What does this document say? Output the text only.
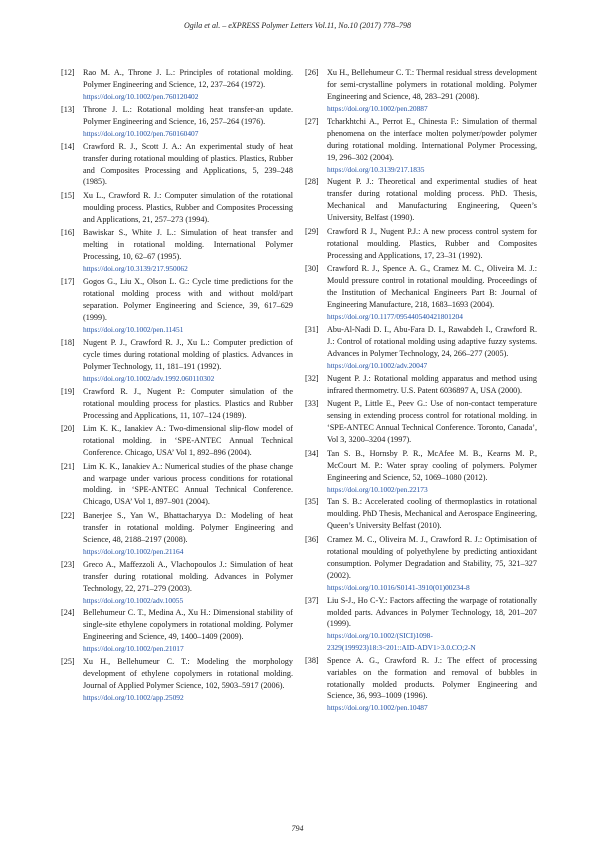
Ogila et al. – eXPRESS Polymer Letters Vol.11, No.10 (2017) 778–798
[12] Rao M. A., Throne J. L.: Principles of rotational molding. Polymer Engineering and Science, 12, 237–264 (1972).
https://doi.org/10.1002/pen.760120402
[13] Throne J. L.: Rotational molding heat transfer-an update. Polymer Engineering and Science, 16, 257–264 (1976).
https://doi.org/10.1002/pen.760160407
[14] Crawford R. J., Scott J. A.: An experimental study of heat transfer during rotational moulding of plastics. Plastics, Rubber and Composites Processing and Applications, 5, 239–248 (1985).
[15] Xu L., Crawford R. J.: Computer simulation of the rotational moulding process. Plastics, Rubber and Composites Processing and Applications, 21, 257–273 (1994).
[16] Bawiskar S., White J. L.: Simulation of heat transfer and melting in rotational molding. International Polymer Processing, 10, 62–67 (1995).
https://doi.org/10.3139/217.950062
[17] Gogos G., Liu X., Olson L. G.: Cycle time predictions for the rotational molding process with and without mold/part separation. Polymer Engineering and Science, 39, 617–629 (1999).
https://doi.org/10.1002/pen.11451
[18] Nugent P. J., Crawford R. J., Xu L.: Computer prediction of cycle times during rotational molding of plastics. Advances in Polymer Technology, 11, 181–191 (1992).
https://doi.org/10.1002/adv.1992.060110302
[19] Crawford R. J., Nugent P.: Computer simulation of the rotational moulding process for plastics. Plastics and Rubber Processing and Applications, 11, 107–124 (1989).
[20] Lim K. K., Ianakiev A.: Two-dimensional slip-flow model of rotational molding. in ‘SPE-ANTEC Annual Technical Conference. Chicago, USA’ Vol 1, 892–896 (2004).
[21] Lim K. K., Ianakiev A.: Numerical studies of the phase change and warpage under various process conditions for rotational molding. in ‘SPE-ANTEC Annual Technical Conference. Chicago, USA’ Vol 1, 897–901 (2004).
[22] Banerjee S., Yan W., Bhattacharyya D.: Modeling of heat transfer in rotational molding. Polymer Engineering and Science, 48, 2188–2197 (2008).
https://doi.org/10.1002/pen.21164
[23] Greco A., Maffezzoli A., Vlachopoulos J.: Simulation of heat transfer during rotational molding. Advances in Polymer Technology, 22, 271–279 (2003).
https://doi.org/10.1002/adv.10055
[24] Bellehumeur C. T., Medina A., Xu H.: Dimensional stability of single-site ethylene copolymers in rotational molding. Polymer Engineering and Science, 49, 1400–1409 (2009).
https://doi.org/10.1002/pen.21017
[25] Xu H., Bellehumeur C. T.: Modeling the morphology development of ethylene copolymers in rotational molding. Journal of Applied Polymer Science, 102, 5903–5917 (2006).
https://doi.org/10.1002/app.25092
[26] Xu H., Bellehumeur C. T.: Thermal residual stress development for semi-crystalline polymers in rotational molding. Polymer Engineering and Science, 48, 283–291 (2008).
https://doi.org/10.1002/pen.20887
[27] Tcharkhtchi A., Perrot E., Chinesta F.: Simulation of thermal phenomena on the interface molten polymer/powder polymer during rotational molding. International Polymer Processing, 19, 296–302 (2004).
https://doi.org/10.3139/217.1835
[28] Nugent P. J.: Theoretical and experimental studies of heat transfer during rotational molding process. PhD. Thesis, Mechanical and Manufacturing Engineering, Queen’s University, Belfast (1990).
[29] Crawford R J., Nugent P.J.: A new process control system for rotational moulding. Plastics, Rubber and Composites Processing and Applications, 17, 23–31 (1992).
[30] Crawford R. J., Spence A. G., Cramez M. C., Oliveira M. J.: Mould pressure control in rotational moulding. Proceedings of the Institution of Mechanical Engineers Part B: Journal of Engineering Manufacture, 218, 1683–1693 (2004).
https://doi.org/10.1177/095440540421801204
[31] Abu-Al-Nadi D. I., Abu-Fara D. I., Rawabdeh I., Crawford R. J.: Control of rotational molding using adaptive fuzzy systems. Advances in Polymer Technology, 24, 266–277 (2005).
https://doi.org/10.1002/adv.20047
[32] Nugent P. J.: Rotational molding apparatus and method using infrared thermometry. U.S. Patent 6036897 A, USA (2000).
[33] Nugent P., Little E., Peev G.: Use of non-contact temperature sensing in extending process control for rotational molding. in ‘SPE-ANTEC Annual Technical Conference. Toronto, Canada’, Vol 3, 3200–3204 (1997).
[34] Tan S. B., Hornsby P. R., McAfee M. B., Kearns M. P., McCourt M. P.: Water spray cooling of polymers. Polymer Engineering and Science, 52, 1069–1080 (2012).
https://doi.org/10.1002/pen.22173
[35] Tan S. B.: Accelerated cooling of thermoplastics in rotational moulding. PhD Thesis, Mechanical and Aerospace Engineering, Queen’s University Belfast (2010).
[36] Cramez M. C., Oliveira M. J., Crawford R. J.: Optimisation of rotational moulding of polyethylene by predicting antioxidant consumption. Polymer Degradation and Stability, 75, 321–327 (2002).
https://doi.org/10.1016/S0141-3910(01)00234-8
[37] Liu S-J., Ho C-Y.: Factors affecting the warpage of rotationally molded parts. Advances in Polymer Technology, 18, 201–207 (1999).
https://doi.org/10.1002/(SICI)1098-
2329(199923)18:3<201::AID-ADV1>3.0.CO;2-N
[38] Spence A. G., Crawford R. J.: The effect of processing variables on the formation and removal of bubbles in rotationally molded products. Polymer Engineering and Science, 36, 993–1009 (1996).
https://doi.org/10.1002/pen.10487
794
